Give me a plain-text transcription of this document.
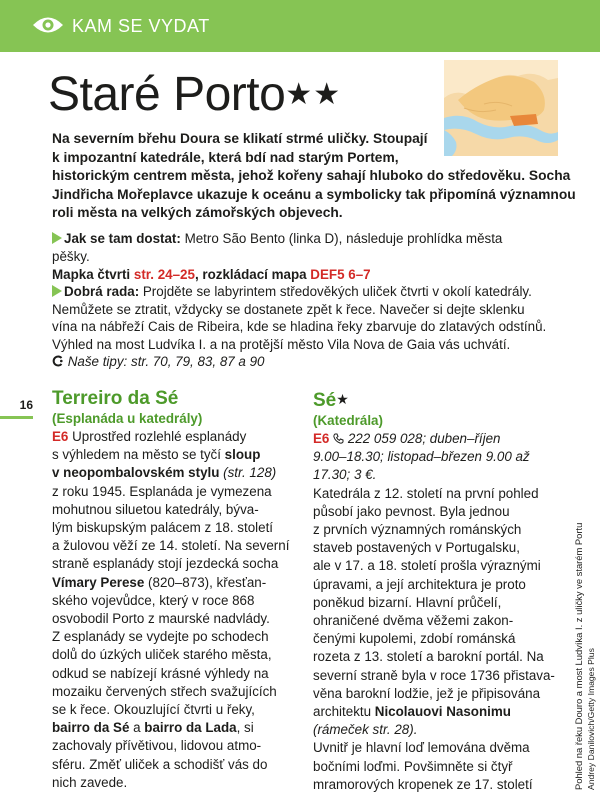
KAM SE VYDAT
Staré Porto★★
Na severním břehu Doura se klikatí strmé uličky. Stoupají
k impozantní katedrále, která bdí nad starým Portem,
historickým centrem města, jehož kořeny sahají hluboko do středověku. Socha
Jindřicha Mořeplavce ukazuje k oceánu a symbolicky tak připomíná významnou
roli města na velkých zámořských objevech.
Jak se tam dostat: Metro São Bento (linka D), následuje prohlídka města
pěšky.
Mapka čtvrti str. 24–25, rozkládací mapa DEF5 6–7
Dobrá rada: Projděte se labyrintem středověkých uliček čtvrti v okolí katedrály.
Nemůžete se ztratit, vždycky se dostanete zpět k řece. Navečer si dejte sklenku
vína na nábřeží Cais de Ribeira, kde se hladina řeky zbarvuje do zlatavých odstínů.
Výhled na most Ludvíka I. a na protější město Vila Nova de Gaia vás uchvátí.
Naše tipy: str. 70, 79, 83, 87 a 90
16 Terreiro da Sé
(Esplanáda u katedrály)
E6 Uprostřed rozlehlé esplanády
s výhledem na město se tyčí sloup
v neopombalovském stylu (str. 128)
z roku 1945. Esplanáda je vymezena
mohutnou siluetou katedrály, býva-
lým biskupským palácem z 18. století
a žulovou věží ze 14. století. Na severní
straně esplanády stojí jezdecká socha
Vímary Perese (820–873), křesťan-
ského vojevůdce, který v roce 868
osvobodil Porto z maurské nadvlády.
Z esplanády se vydejte po schodech
dolů do úzkých uliček starého města,
odkud se nabízejí krásné výhledy na
mozaiku červených střech svažujících
se k řece. Okouzlující čtvrti u řeky,
bairro da Sé a bairro da Lada, si
zachovaly přívětivou, lidovou atmo-
sféru. Změť uliček a schodišť vás do
nich zavede.
Sé★
(Katedrála)
E6 222 059 028; duben–říjen
9.00–18.30; listopad–březen 9.00 až
17.30; 3 €.
Katedrála z 12. století na první pohled
působí jako pevnost. Byla jednou
z prvních významných románských
staveb postavených v Portugalsku,
ale v 17. a 18. století prošla výraznými
úpravami, a její architektura je proto
poněkud bizarní. Hlavní průčelí,
ohraničené dvěma věžemi zakon-
čenými kupolemi, zdobí románská
rozeta z 13. století a barokní portál. Na
severní straně byla v roce 1736 přistava-
věna barokní lodžie, jež je připisována
architektu Nicolauovi Nasonimu
(rámeček str. 28).
Uvnitř je hlavní loď lemována dvěma
bočními loďmi. Povšimněte si čtyř
mramorových kropenek ze 17. století	Pohled na řeku Douro a most Ludvíka I. z uličky ve starém Portu Andrey Danilovich/Getty Images Plus
